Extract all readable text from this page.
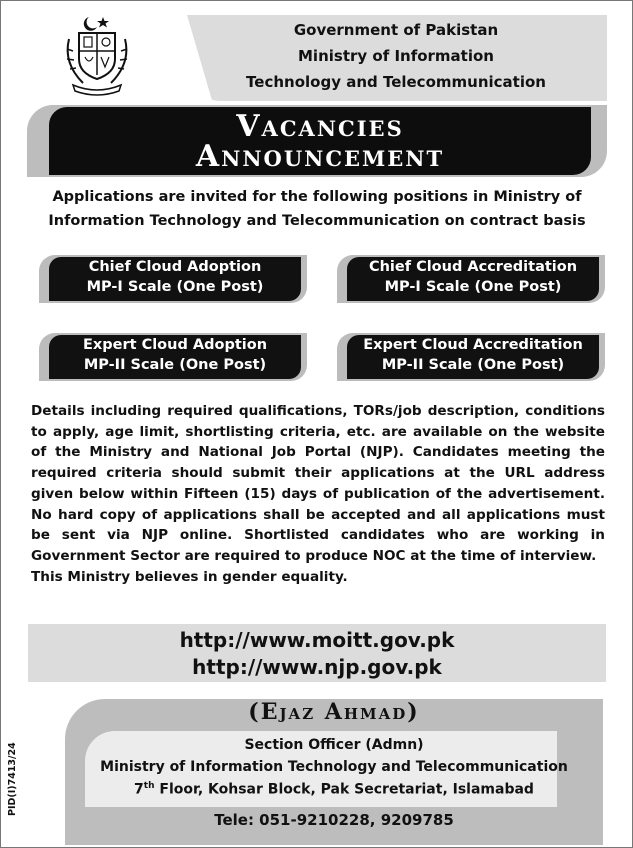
Government of Pakistan
Ministry of Information
Technology and Telecommunication
Vacancies
Announcement
Applications are invited for the following positions in Ministry of
Information Technology and Telecommunication on contract basis
Chief Cloud Adoption
MP-I Scale (One Post)
Chief Cloud Accreditation
MP-I Scale (One Post)
Expert Cloud Adoption
MP-II Scale (One Post)
Expert Cloud Accreditation
MP-II Scale (One Post)

Details including required qualifications, TORs/job description, conditions to apply, age limit, shortlisting criteria, etc. are available on the website of the Ministry and National Job Portal (NJP). Candidates meeting the required criteria should submit their applications at the URL address given below within Fifteen (15) days of publication of the advertisement. No hard copy of applications shall be accepted and all applications must be sent via NJP online. Shortlisted candidates who are working in Government Sector are required to produce NOC at the time of interview.

This Ministry believes in gender equality.

http://www.moitt.gov.pk
http://www.njp.gov.pk
(Ejaz Ahmad)
Section Officer (Admn)
Ministry of Information Technology and Telecommunication
7th Floor, Kohsar Block, Pak Secretariat, Islamabad
Tele: 051-9210228, 9209785
PID(I)7413/24
